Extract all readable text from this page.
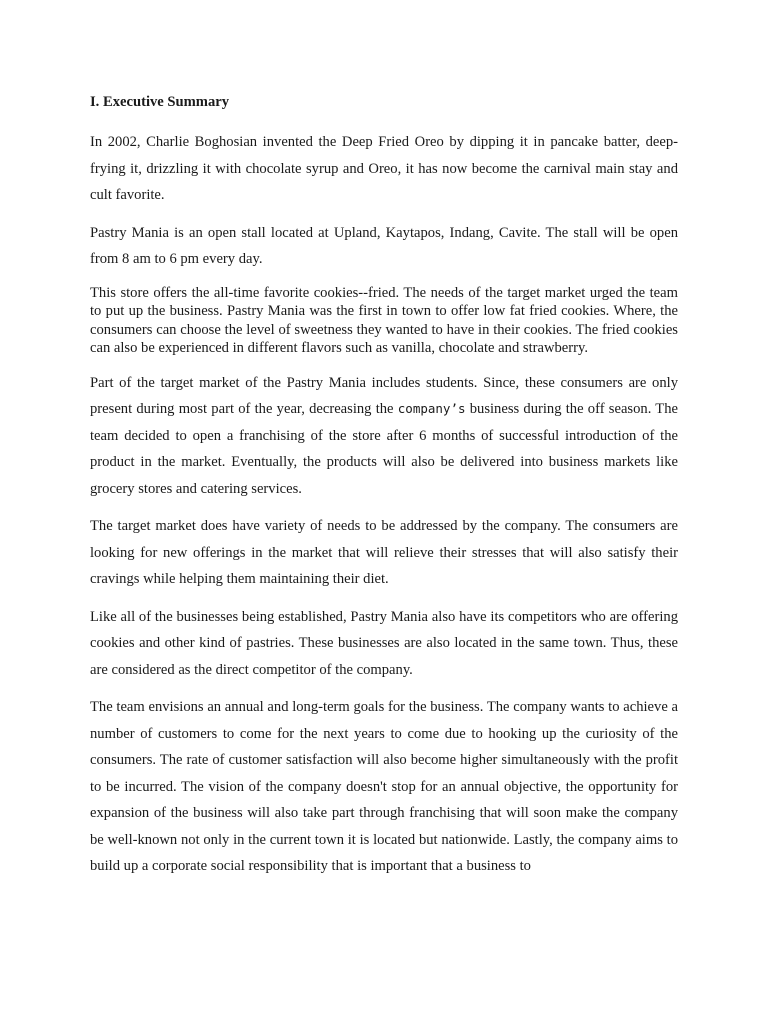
I. Executive Summary

In 2002, Charlie Boghosian invented the Deep Fried Oreo by dipping it in pancake batter, deep-frying it, drizzling it with chocolate syrup and Oreo, it has now become the carnival main stay and cult favorite.

Pastry Mania is an open stall located at Upland, Kaytapos, Indang, Cavite. The stall will be open from 8 am to 6 pm every day.

This store offers the all-time favorite cookies--fried. The needs of the target market urged the team to put up the business. Pastry Mania was the first in town to offer low fat fried cookies. Where, the consumers can choose the level of sweetness they wanted to have in their cookies. The fried cookies can also be experienced in different flavors such as vanilla, chocolate and strawberry.

Part of the target market of the Pastry Mania includes students. Since, these consumers are only present during most part of the year, decreasing the company’s business during the off season. The team decided to open a franchising of the store after 6 months of successful introduction of the product in the market. Eventually, the products will also be delivered into business markets like grocery stores and catering services.

The target market does have variety of needs to be addressed by the company. The consumers are looking for new offerings in the market that will relieve their stresses that will also satisfy their cravings while helping them maintaining their diet.

Like all of the businesses being established, Pastry Mania also have its competitors who are offering cookies and other kind of pastries. These businesses are also located in the same town. Thus, these are considered as the direct competitor of the company.

The team envisions an annual and long-term goals for the business. The company wants to achieve a number of customers to come for the next years to come due to hooking up the curiosity of the consumers. The rate of customer satisfaction will also become higher simultaneously with the profit to be incurred. The vision of the company doesn't stop for an annual objective, the opportunity for expansion of the business will also take part through franchising that will soon make the company be well-known not only in the current town it is located but nationwide. Lastly, the company aims to build up a corporate social responsibility that is important that a business to
